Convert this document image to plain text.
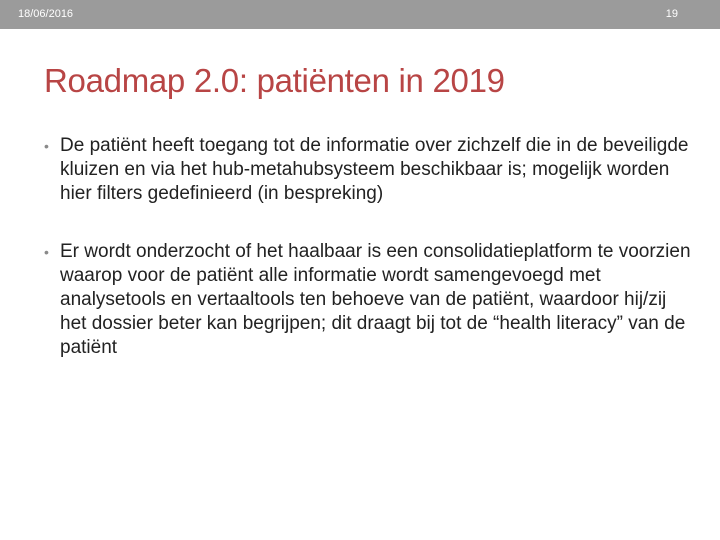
18/06/2016	19
Roadmap 2.0: patiënten in 2019
• De patiënt heeft toegang tot de informatie over zichzelf die in de beveiligde kluizen en via het hub-metahubsysteem beschikbaar is; mogelijk worden hier filters gedefinieerd (in bespreking)
• Er wordt onderzocht of het haalbaar is een consolidatieplatform te voorzien waarop voor de patiënt alle informatie wordt samengevoegd met analysetools en vertaaltools ten behoeve van de patiënt, waardoor hij/zij het dossier beter kan begrijpen; dit draagt bij tot de “health literacy” van de patiënt
